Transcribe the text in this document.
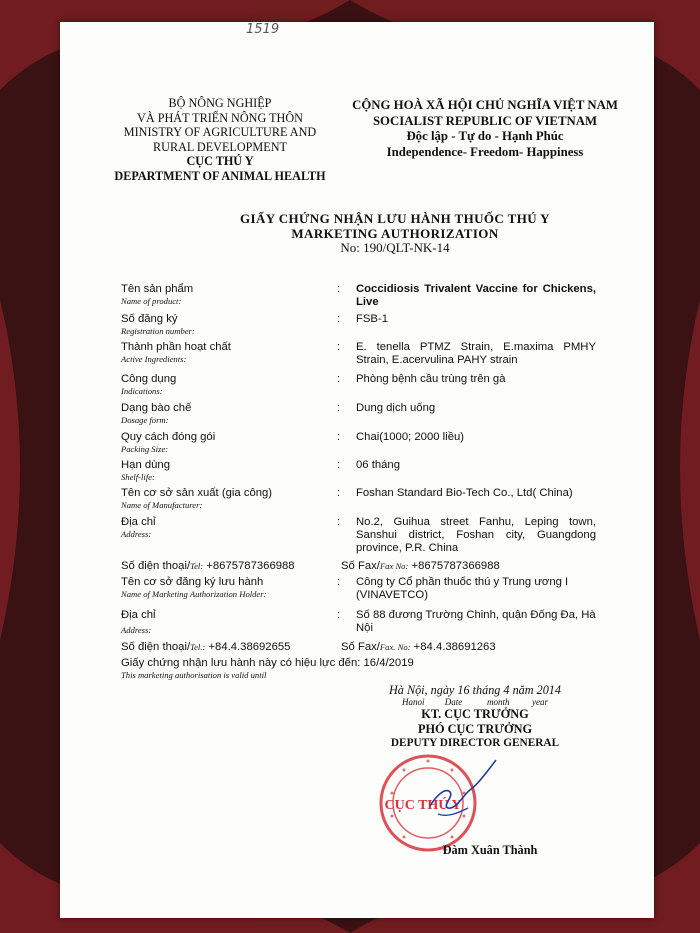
1519
BỘ NÔNG NGHIỆP
VÀ PHÁT TRIỂN NÔNG THÔN
MINISTRY OF AGRICULTURE AND
RURAL DEVELOPMENT
CỤC THÚ Y
DEPARTMENT OF ANIMAL HEALTH
CỘNG HOÀ XÃ HỘI CHỦ NGHĨA VIỆT NAM
SOCIALIST REPUBLIC OF VIETNAM
Độc lập - Tự do - Hạnh Phúc
Independence- Freedom- Happiness
GIẤY CHỨNG NHẬN LƯU HÀNH THUỐC THÚ Y
MARKETING AUTHORIZATION
No: 190/QLT-NK-14
Tên sản phẩm
Name of product:
: Coccidiosis Trivalent Vaccine for Chickens, Live
Số đăng ký
Registration number:
: FSB-1
Thành phần hoạt chất
Active Ingredients:
: E. tenella PTMZ Strain, E.maxima PMHY Strain, E.acervulina PAHY strain
Công dụng
Indications:
: Phòng bệnh cầu trùng trên gà
Dạng bào chế
Dosage form:
: Dung dịch uống
Quy cách đóng gói
Packing Size:
: Chai(1000; 2000 liều)
Hạn dùng
Shelf-life:
: 06 tháng
Tên cơ sở sản xuất (gia công)
Name of Manufacturer:
: Foshan Standard Bio-Tech Co., Ltd( China)
Địa chỉ
Address:
: No.2, Guihua street Fanhu, Leping town, Sanshui district, Foshan city, Guangdong province, P.R. China
Số điện thoại/Tel: +8675787366988	Số Fax/Fax No: +8675787366988
Tên cơ sở đăng ký lưu hành
Name of Marketing Authorization Holder:
: Công ty Cổ phần thuốc thú y Trung ương I (VINAVETCO)
Địa chỉ
Address:
: Số 88 đương Trường Chinh, quận Đống Đa, Hà Nội
Số điện thoại/Tel.: +84.4.38692655	Số Fax/Fax. No: +84.4.38691263
Giấy chứng nhận lưu hành này có hiệu lực đến: 16/4/2019
This marketing authorisation is valid until
Hà Nội, ngày 16 tháng 4 năm 2014
Hanoi         Date           month          year
KT. CỤC TRƯỞNG
PHÓ CỤC TRƯỞNG
DEPUTY DIRECTOR GENERAL
CỤC THÚ Y
Đàm Xuân Thành
